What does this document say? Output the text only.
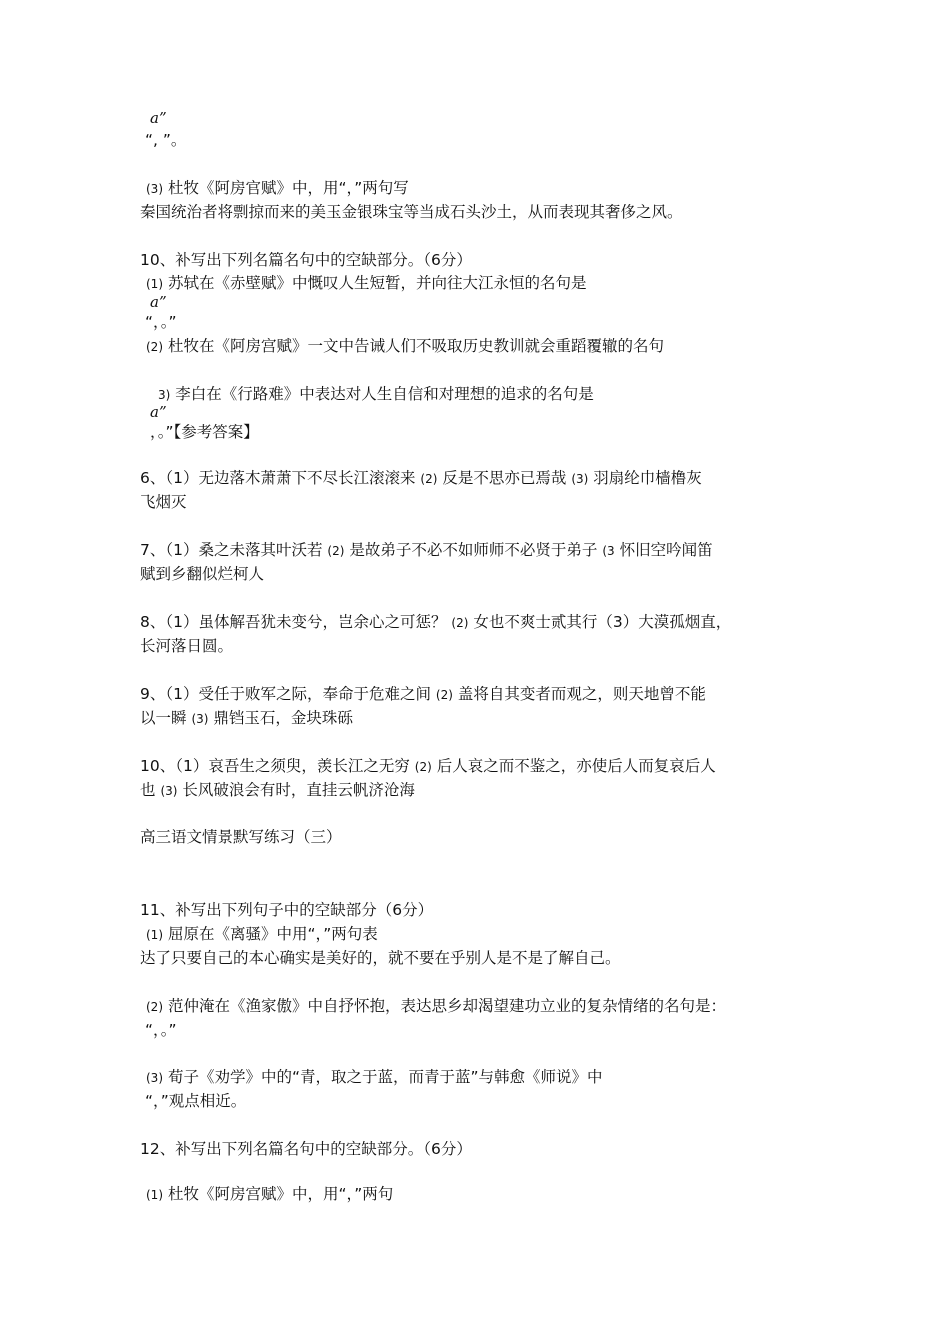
a”
“, ”。
(3) 杜牧《阿房官赋》中，用“，”两句写
秦国统治者将剽掠而来的美玉金银珠宝等当成石头沙土，从而表现其奢侈之风。
10、补写出下列名篇名句中的空缺部分。（6分）
(1) 苏轼在《赤壁赋》中慨叹人生短暂，并向往大江永恒的名句是
a”
“，。”
(2) 杜牧在《阿房宫赋》一文中告诫人们不吸取历史教训就会重蹈覆辙的名句
3) 李白在《行路难》中表达对人生自信和对理想的追求的名句是
a”
，。”【参考答案】
6、（1）无边落木萧萧下不尽长江滚滚来 (2) 反是不思亦已焉哉 (3) 羽扇纶巾樯橹灰
飞烟灭
7、（1）桑之未落其叶沃若 (2) 是故弟子不必不如师师不必贤于弟子 (3 怀旧空吟闻笛
赋到乡翻似烂柯人
8、（1）虽体解吾犹未变兮，岂余心之可惩？ (2) 女也不爽士贰其行（3）大漠孤烟直，
长河落日圆。
9、（1）受任于败军之际，奉命于危难之间 (2) 盖将自其变者而观之，则天地曾不能
以一瞬 (3) 鼎铛玉石，金块珠砾
10、（1）哀吾生之须臾，羡长江之无穷 (2) 后人哀之而不鉴之，亦使后人而复哀后人
也 (3) 长风破浪会有时，直挂云帆济沧海
高三语文情景默写练习（三）
11、补写出下列句子中的空缺部分（6分）
(1) 屈原在《离骚》中用“，”两句表
达了只要自己的本心确实是美好的，就不要在乎别人是不是了解自己。
(2) 范仲淹在《渔家傲》中自抒怀抱，表达思乡却渴望建功立业的复杂情绪的名句是：
“，。”
(3) 荀子《劝学》中的“青，取之于蓝，而青于蓝”与韩愈《师说》中
“，”观点相近。
12、补写出下列名篇名句中的空缺部分。（6分）
(1) 杜牧《阿房宫赋》中，用“，”两句
